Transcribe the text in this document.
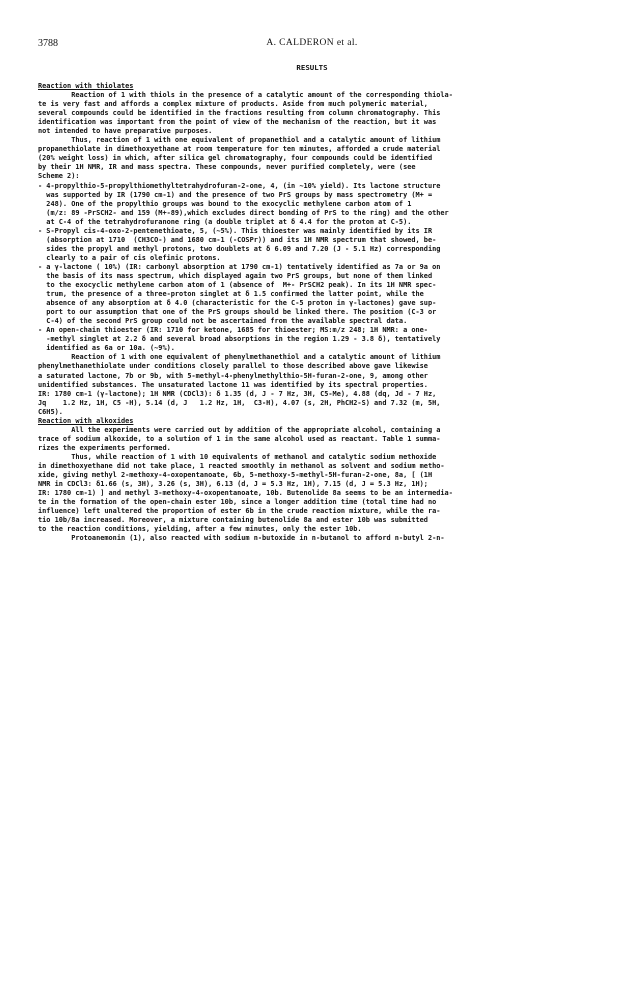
3788	A. CALDERON et al.
RESULTS
Reaction with thiolates
Reaction of 1 with thiols in the presence of a catalytic amount of the corresponding thiola-
te is very fast and affords a complex mixture of products. Aside from much polymeric material,
several compounds could be identified in the fractions resulting from column chromatography. This
identification was important from the point of view of the mechanism of the reaction, but it was
not intended to have preparative purposes.
Thus, reaction of 1 with one equivalent of propanethiol and a catalytic amount of lithium
propanethiolate in dimethoxyethane at room temperature for ten minutes, afforded a crude material
(20% weight loss) in which, after silica gel chromatography, four compounds could be identified
by their 1H NMR, IR and mass spectra. These compounds, never purified completely, were (see
Scheme 2):
- 4-propylthio-5-propylthiomethyltetrahydrofuran-2-one, 4, (in ~10% yield). Its lactone structure
was supported by IR (1790 cm-1) and the presence of two PrS groups by mass spectrometry (M+ =
248). One of the propylthio groups was bound to the exocyclic methylene carbon atom of 1
(m/z: 89 -PrSCH2- and 159 (M+-89),which excludes direct bonding of PrS to the ring) and the other
at C-4 of the tetrahydrofuranone ring (a double triplet at δ 4.4 for the proton at C-5).
- S-Propyl cis-4-oxo-2-pentenethioate, 5, (~5%). This thioester was mainly identified by its IR
(absorption at 1710  (CH3CO-) and 1680 cm-1 (-COSPr)) and its 1H NMR spectrum that showed, be-
sides the propyl and methyl protons, two doublets at δ 6.09 and 7.20 (J - 5.1 Hz) corresponding
clearly to a pair of cis olefinic protons.
- a γ-lactone ( 10%) (IR: carbonyl absorption at 1790 cm-1) tentatively identified as 7a or 9a on
the basis of its mass spectrum, which displayed again two PrS groups, but none of them linked
to the exocyclic methylene carbon atom of 1 (absence of  M+- PrSCH2 peak). In its 1H NMR spec-
trum, the presence of a three-proton singlet at δ 1.5 confirmed the latter point, while the
absence of any absorption at δ 4.0 (characteristic for the C-5 proton in γ-lactones) gave sup-
port to our assumption that one of the PrS groups should be linked there. The position (C-3 or
C-4) of the second PrS group could not be ascertained from the available spectral data.
- An open-chain thioester (IR: 1710 for ketone, 1685 for thioester; MS:m/z 248; 1H NMR: a one-
-methyl singlet at 2.2 δ and several broad absorptions in the region 1.29 - 3.8 δ), tentatively
identified as 6a or 10a. (~9%).
Reaction of 1 with one equivalent of phenylmethanethiol and a catalytic amount of lithium
phenylmethanethiolate under conditions closely parallel to those described above gave likewise
a saturated lactone, 7b or 9b, with 5-methyl-4-phenylmethylthio-5H-furan-2-one, 9, among other
unidentified substances. The unsaturated lactone 11 was identified by its spectral properties.
IR: 1780 cm-1 (γ-lactone); 1H NMR (CDCl3): δ 1.35 (d, J - 7 Hz, 3H, C5-Me), 4.88 (dq, Jd - 7 Hz,
Jq    1.2 Hz, 1H, C5 -H), 5.14 (d, J   1.2 Hz, 1H,  C3-H), 4.07 (s, 2H, PhCH2-S) and 7.32 (m, 5H,
C6H5).
Reaction with alkoxides
All the experiments were carried out by addition of the appropriate alcohol, containing a
trace of sodium alkoxide, to a solution of 1 in the same alcohol used as reactant. Table 1 summa-
rizes the experiments performed.
Thus, while reaction of 1 with 10 equivalents of methanol and catalytic sodium methoxide
in dimethoxyethane did not take place, 1 reacted smoothly in methanol as solvent and sodium metho-
xide, giving methyl 2-methoxy-4-oxopentanoate, 6b, 5-methoxy-5-methyl-5H-furan-2-one, 8a, [ (1H
NMR in CDCl3: δ1.66 (s, 3H), 3.26 (s, 3H), 6.13 (d, J = 5.3 Hz, 1H), 7.15 (d, J = 5.3 Hz, 1H);
IR: 1780 cm-1) ] and methyl 3-methoxy-4-oxopentanoate, 10b. Butenolide 8a seems to be an intermedia-
te in the formation of the open-chain ester 10b, since a longer addition time (total time had no
influence) left unaltered the proportion of ester 6b in the crude reaction mixture, while the ra-
tio 10b/8a increased. Moreover, a mixture containing butenolide 8a and ester 10b was submitted
to the reaction conditions, yielding, after a few minutes, only the ester 10b.
Protoanemonin (1), also reacted with sodium n-butoxide in n-butanol to afford n-butyl 2-n-
